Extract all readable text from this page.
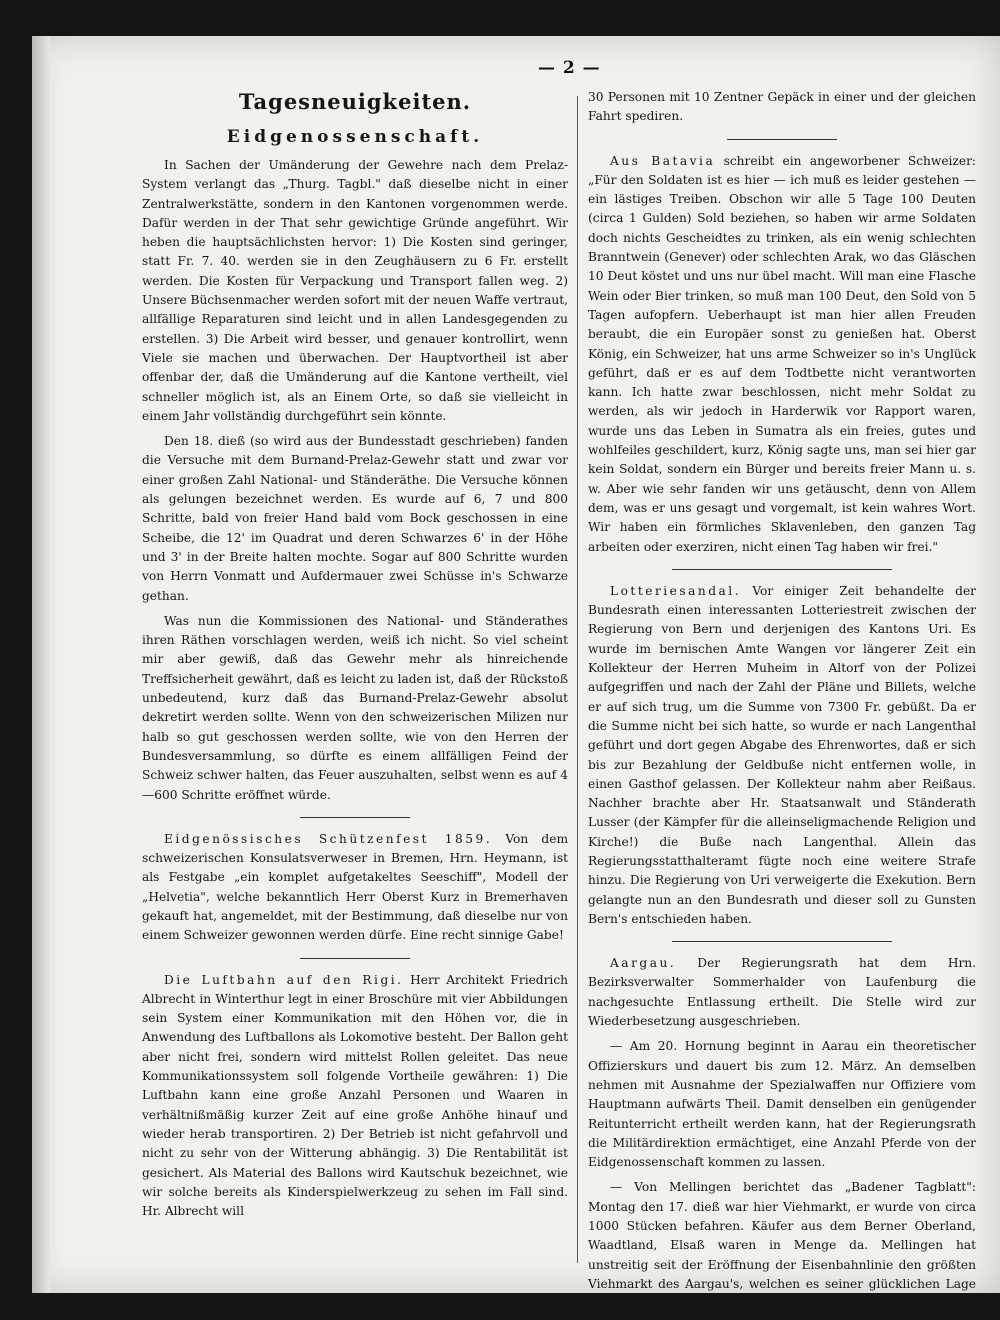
— 2 —
Tagesneuigkeiten.
Eidgenossenschaft.

In Sachen der Umänderung der Gewehre nach dem Prelaz-System verlangt das „Thurg. Tagbl." daß dieselbe nicht in einer Zentralwerkstätte, sondern in den Kantonen vorgenommen werde. Dafür werden in der That sehr gewichtige Gründe angeführt. Wir heben die hauptsächlichsten hervor: 1) Die Kosten sind geringer, statt Fr. 7. 40. werden sie in den Zeughäusern zu 6 Fr. erstellt werden. Die Kosten für Verpackung und Transport fallen weg. 2) Unsere Büchsenmacher werden sofort mit der neuen Waffe vertraut, allfällige Reparaturen sind leicht und in allen Landesgegenden zu erstellen. 3) Die Arbeit wird besser, und genauer kontrollirt, wenn Viele sie machen und überwachen. Der Hauptvortheil ist aber offenbar der, daß die Umänderung auf die Kantone vertheilt, viel schneller möglich ist, als an Einem Orte, so daß sie vielleicht in einem Jahr vollständig durchgeführt sein könnte.

Den 18. dieß (so wird aus der Bundesstadt geschrieben) fanden die Versuche mit dem Burnand-Prelaz-Gewehr statt und zwar vor einer großen Zahl National- und Ständeräthe. Die Versuche können als gelungen bezeichnet werden. Es wurde auf 6, 7 und 800 Schritte, bald von freier Hand bald vom Bock geschossen in eine Scheibe, die 12' im Quadrat und deren Schwarzes 6' in der Höhe und 3' in der Breite halten mochte. Sogar auf 800 Schritte wurden von Herrn Vonmatt und Aufdermauer zwei Schüsse in's Schwarze gethan.

Was nun die Kommissionen des National- und Ständerathes ihren Räthen vorschlagen werden, weiß ich nicht. So viel scheint mir aber gewiß, daß das Gewehr mehr als hinreichende Treffsicherheit gewährt, daß es leicht zu laden ist, daß der Rückstoß unbedeutend, kurz daß das Burnand-Prelaz-Gewehr absolut dekretirt werden sollte. Wenn von den schweizerischen Milizen nur halb so gut geschossen werden sollte, wie von den Herren der Bundesversammlung, so dürfte es einem allfälligen Feind der Schweiz schwer halten, das Feuer auszuhalten, selbst wenn es auf 4—600 Schritte eröffnet würde.

Eidgenössisches Schützenfest 1859. Von dem schweizerischen Konsulatsverweser in Bremen, Hrn. Heymann, ist als Festgabe „ein komplet aufgetakeltes Seeschiff", Modell der „Helvetia", welche bekanntlich Herr Oberst Kurz in Bremerhaven gekauft hat, angemeldet, mit der Bestimmung, daß dieselbe nur von einem Schweizer gewonnen werden dürfe. Eine recht sinnige Gabe!

Die Luftbahn auf den Rigi. Herr Architekt Friedrich Albrecht in Winterthur legt in einer Broschüre mit vier Abbildungen sein System einer Kommunikation mit den Höhen vor, die in Anwendung des Luftballons als Lokomotive besteht. Der Ballon geht aber nicht frei, sondern wird mittelst Rollen geleitet. Das neue Kommunikationssystem soll folgende Vortheile gewähren: 1) Die Luftbahn kann eine große Anzahl Personen und Waaren in verhältnißmäßig kurzer Zeit auf eine große Anhöhe hinauf und wieder herab transportiren. 2) Der Betrieb ist nicht gefahrvoll und nicht zu sehr von der Witterung abhängig. 3) Die Rentabilität ist gesichert. Als Material des Ballons wird Kautschuk bezeichnet, wie wir solche bereits als Kinderspielwerkzeug zu sehen im Fall sind. Hr. Albrecht will

30 Personen mit 10 Zentner Gepäck in einer und der gleichen Fahrt spediren.

Aus Batavia schreibt ein angeworbener Schweizer: „Für den Soldaten ist es hier — ich muß es leider gestehen — ein lästiges Treiben. Obschon wir alle 5 Tage 100 Deuten (circa 1 Gulden) Sold beziehen, so haben wir arme Soldaten doch nichts Gescheidtes zu trinken, als ein wenig schlechten Branntwein (Genever) oder schlechten Arak, wo das Gläschen 10 Deut köstet und uns nur übel macht. Will man eine Flasche Wein oder Bier trinken, so muß man 100 Deut, den Sold von 5 Tagen aufopfern. Ueberhaupt ist man hier allen Freuden beraubt, die ein Europäer sonst zu genießen hat. Oberst König, ein Schweizer, hat uns arme Schweizer so in's Unglück geführt, daß er es auf dem Todtbette nicht verantworten kann. Ich hatte zwar beschlossen, nicht mehr Soldat zu werden, als wir jedoch in Harderwik vor Rapport waren, wurde uns das Leben in Sumatra als ein freies, gutes und wohlfeiles geschildert, kurz, König sagte uns, man sei hier gar kein Soldat, sondern ein Bürger und bereits freier Mann u. s. w. Aber wie sehr fanden wir uns getäuscht, denn von Allem dem, was er uns gesagt und vorgemalt, ist kein wahres Wort. Wir haben ein förmliches Sklavenleben, den ganzen Tag arbeiten oder exerziren, nicht einen Tag haben wir frei."

Lotteriesandal. Vor einiger Zeit behandelte der Bundesrath einen interessanten Lotteriestreit zwischen der Regierung von Bern und derjenigen des Kantons Uri. Es wurde im bernischen Amte Wangen vor längerer Zeit ein Kollekteur der Herren Muheim in Altorf von der Polizei aufgegriffen und nach der Zahl der Pläne und Billets, welche er auf sich trug, um die Summe von 7300 Fr. gebüßt. Da er die Summe nicht bei sich hatte, so wurde er nach Langenthal geführt und dort gegen Abgabe des Ehrenwortes, daß er sich bis zur Bezahlung der Geldbuße nicht entfernen wolle, in einen Gasthof gelassen. Der Kollekteur nahm aber Reißaus. Nachher brachte aber Hr. Staatsanwalt und Ständerath Lusser (der Kämpfer für die alleinseligmachende Religion und Kirche!) die Buße nach Langenthal. Allein das Regierungsstatthalteramt fügte noch eine weitere Strafe hinzu. Die Regierung von Uri verweigerte die Exekution. Bern gelangte nun an den Bundesrath und dieser soll zu Gunsten Bern's entschieden haben.

Aargau. Der Regierungsrath hat dem Hrn. Bezirksverwalter Sommerhalder von Laufenburg die nachgesuchte Entlassung ertheilt. Die Stelle wird zur Wiederbesetzung ausgeschrieben.

— Am 20. Hornung beginnt in Aarau ein theoretischer Offizierskurs und dauert bis zum 12. März. An demselben nehmen mit Ausnahme der Spezialwaffen nur Offiziere vom Hauptmann aufwärts Theil. Damit denselben ein genügender Reitunterricht ertheilt werden kann, hat der Regierungsrath die Militärdirektion ermächtiget, eine Anzahl Pferde von der Eidgenossenschaft kommen zu lassen.

— Von Mellingen berichtet das „Badener Tagblatt": Montag den 17. dieß war hier Viehmarkt, er wurde von circa 1000 Stücken befahren. Käufer aus dem Berner Oberland, Waadtland, Elsaß waren in Menge da. Mellingen hat unstreitig seit der Eröffnung der Eisenbahnlinie den größten Viehmarkt des Aargau's, welchen es seiner glücklichen Lage als
